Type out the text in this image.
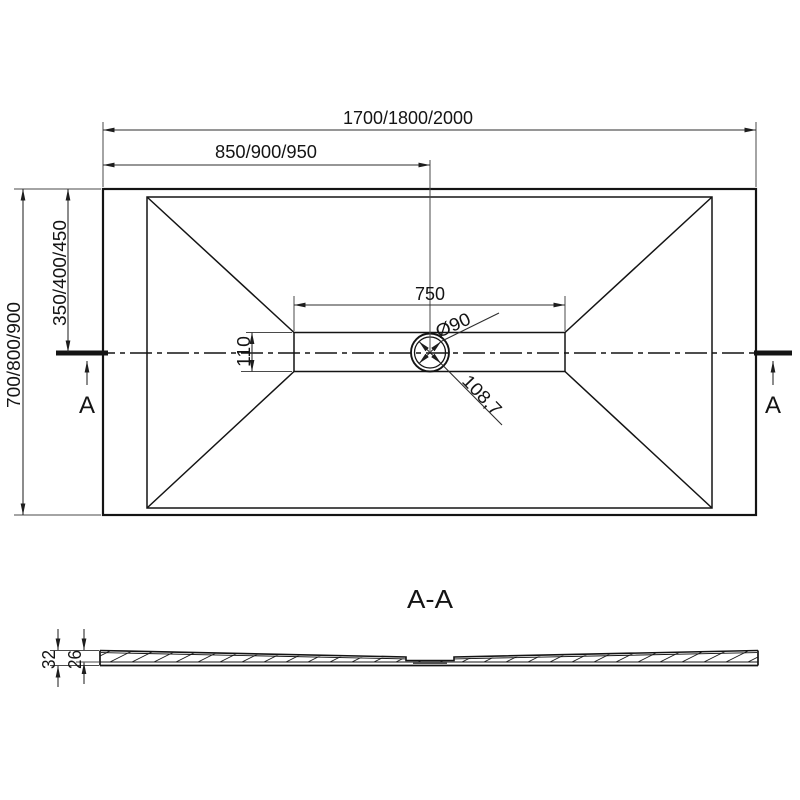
Ø90
108,7
A	A
1700/1800/2000
850/900/950
700/800/900
350/400/450	750
110
A-A
32 26
